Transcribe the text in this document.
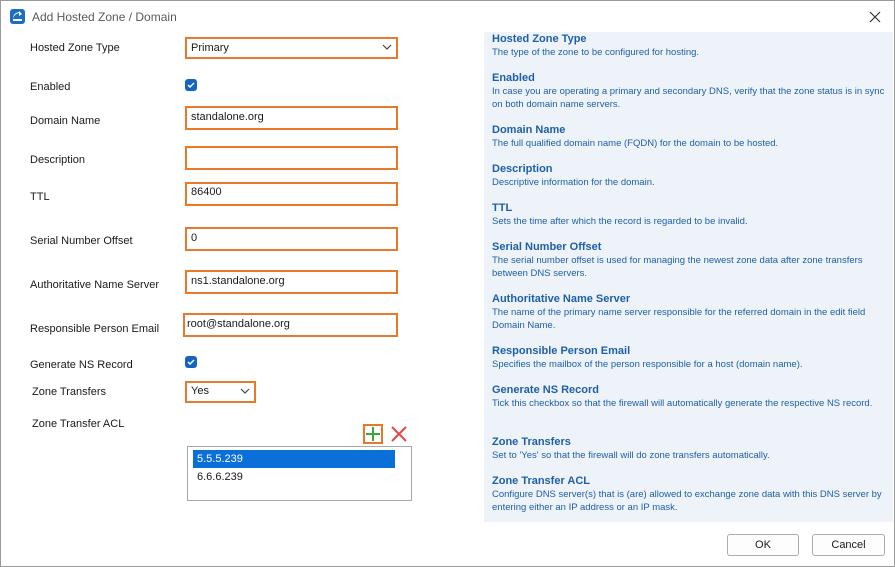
Add Hosted Zone / Domain
Hosted Zone Type	Primary
Enabled
Domain Name	standalone.org
Description
TTL	86400
Serial Number Offset	0
Authoritative Name Server	ns1.standalone.org
Responsible Person Email	root@standalone.org
Generate NS Record
Zone Transfers	Yes
Zone Transfer ACL
5.5.5.239
6.6.6.239
Hosted Zone Type
The type of the zone to be configured for hosting.
Enabled
In case you are operating a primary and secondary DNS, verify that the zone status is in sync on both domain name servers.
Domain Name
The full qualified domain name (FQDN) for the domain to be hosted.
Description
Descriptive information for the domain.
TTL
Sets the time after which the record is regarded to be invalid.
Serial Number Offset
The serial number offset is used for managing the newest zone data after zone transfers between DNS servers.
Authoritative Name Server
The name of the primary name server responsible for the referred domain in the edit field Domain Name.
Responsible Person Email
Specifies the mailbox of the person responsible for a host (domain name).
Generate NS Record
Tick this checkbox so that the firewall will automatically generate the respective NS record.
Zone Transfers
Set to 'Yes' so that the firewall will do zone transfers automatically.
Zone Transfer ACL
Configure DNS server(s) that is (are) allowed to exchange zone data with this DNS server by entering either an IP address or an IP mask.
OK	Cancel
